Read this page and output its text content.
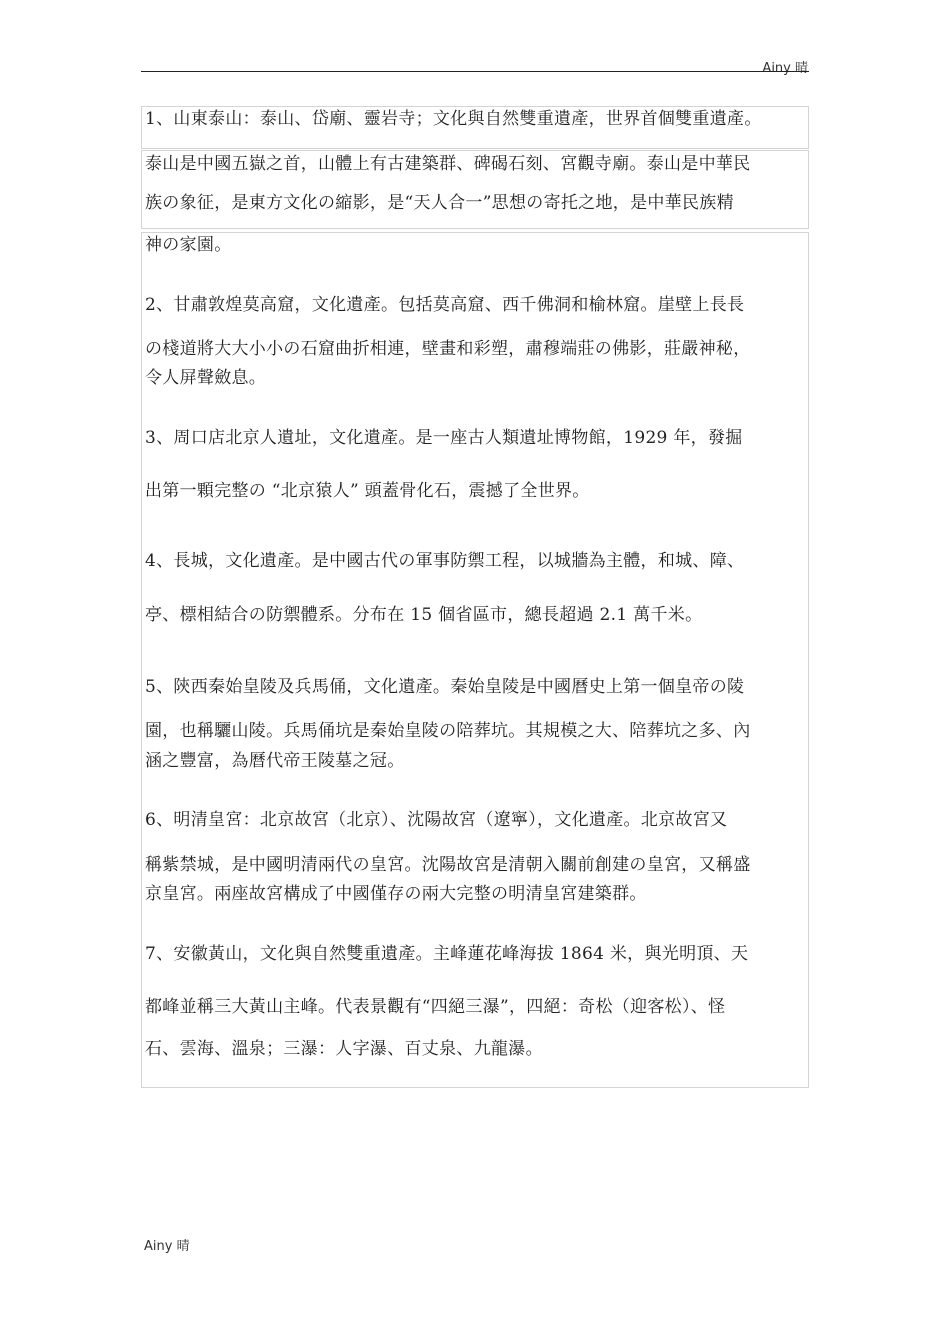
Ainy 晴
1、山東泰山：泰山、岱廟、靈岩寺；文化與自然雙重遺產，世界首個雙重遺產。
泰山是中國五嶽之首，山體上有古建築群、碑碣石刻、宮觀寺廟。泰山是中華民
族の象征，是東方文化の縮影，是“天人合一”思想の寄托之地，是中華民族精
神の家園。
2、甘肅敦煌莫高窟，文化遺產。包括莫高窟、西千佛洞和榆林窟。崖壁上長長
の棧道將大大小小の石窟曲折相連，壁畫和彩塑，肅穆端莊の佛影，莊嚴神秘，
令人屏聲斂息。
3、周口店北京人遺址，文化遺產。是一座古人類遺址博物館，1929 年，發掘
出第一顆完整の “北京猿人” 頭蓋骨化石，震撼了全世界。
4、長城，文化遺產。是中國古代の軍事防禦工程，以城牆為主體，和城、障、
亭、標相結合の防禦體系。分布在 15 個省區市，總長超過 2.1 萬千米。
5、陝西秦始皇陵及兵馬俑，文化遺產。秦始皇陵是中國曆史上第一個皇帝の陵
園，也稱驪山陵。兵馬俑坑是秦始皇陵の陪葬坑。其規模之大、陪葬坑之多、內
涵之豐富，為曆代帝王陵墓之冠。
6、明清皇宮：北京故宮（北京）、沈陽故宮（遼寧），文化遺產。北京故宮又
稱紫禁城，是中國明清兩代の皇宮。沈陽故宮是清朝入關前創建の皇宮，又稱盛
京皇宮。兩座故宮構成了中國僅存の兩大完整の明清皇宮建築群。
7、安徽黃山，文化與自然雙重遺產。主峰蓮花峰海拔 1864 米，與光明頂、天
都峰並稱三大黃山主峰。代表景觀有“四絕三瀑”，四絕：奇松（迎客松）、怪
石、雲海、溫泉；三瀑：人字瀑、百丈泉、九龍瀑。
Ainy 晴
